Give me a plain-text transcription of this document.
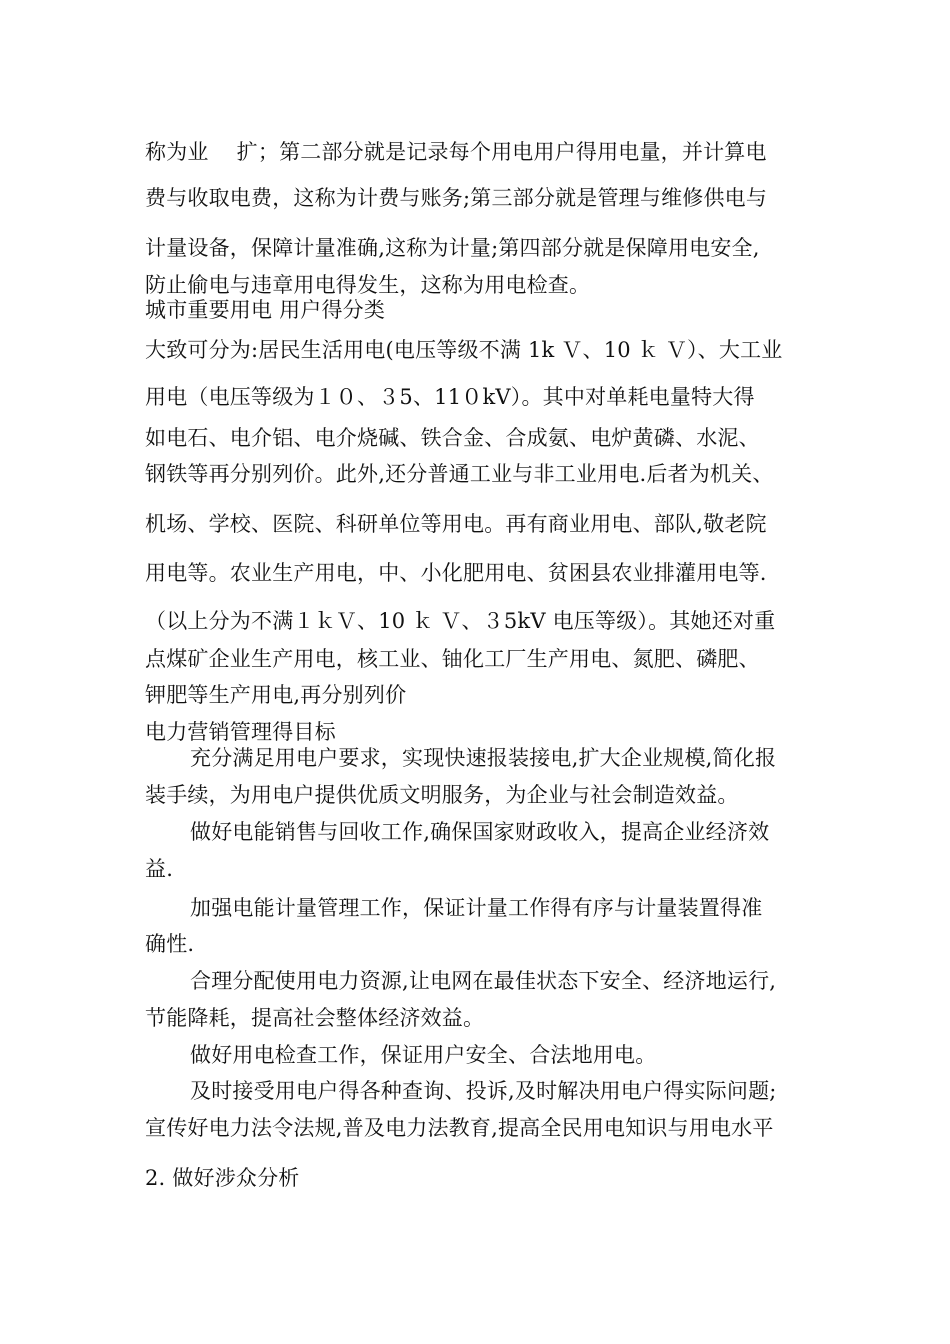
称为业　 扩；第二部分就是记录每个用电用户得用电量，并计算电
费与收取电费，这称为计费与账务;第三部分就是管理与维修供电与
计量设备，保障计量准确,这称为计量;第四部分就是保障用电安全,
防止偷电与违章用电得发生，这称为用电检查。
城市重要用电 用户得分类
大致可分为:居民生活用电(电压等级不满 1k Ｖ、10 ｋ Ｖ）、大工业
用电（电压等级为１０、３5、11０kV）。其中对单耗电量特大得
如电石、电介铝、电介烧碱、铁合金、合成氨、电炉黄磷、水泥、
钢铁等再分别列价。此外,还分普通工业与非工业用电.后者为机关、
机场、学校、医院、科研单位等用电。再有商业用电、部队,敬老院
用电等。农业生产用电，中、小化肥用电、贫困县农业排灌用电等.
（以上分为不满１ｋＶ、10 ｋ Ｖ、３5kV 电压等级）。其她还对重
点煤矿企业生产用电，核工业、铀化工厂生产用电、氮肥、磷肥、
钾肥等生产用电,再分别列价
电力营销管理得目标
充分满足用电户要求，实现快速报装接电,扩大企业规模,简化报
装手续，为用电户提供优质文明服务，为企业与社会制造效益。
做好电能销售与回收工作,确保国家财政收入，提高企业经济效
益.
加强电能计量管理工作，保证计量工作得有序与计量装置得准
确性.
合理分配使用电力资源,让电网在最佳状态下安全、经济地运行,
节能降耗，提高社会整体经济效益。
做好用电检查工作，保证用户安全、合法地用电。
及时接受用电户得各种查询、投诉,及时解决用电户得实际问题;
宣传好电力法令法规,普及电力法教育,提高全民用电知识与用电水平
2. 做好涉众分析
